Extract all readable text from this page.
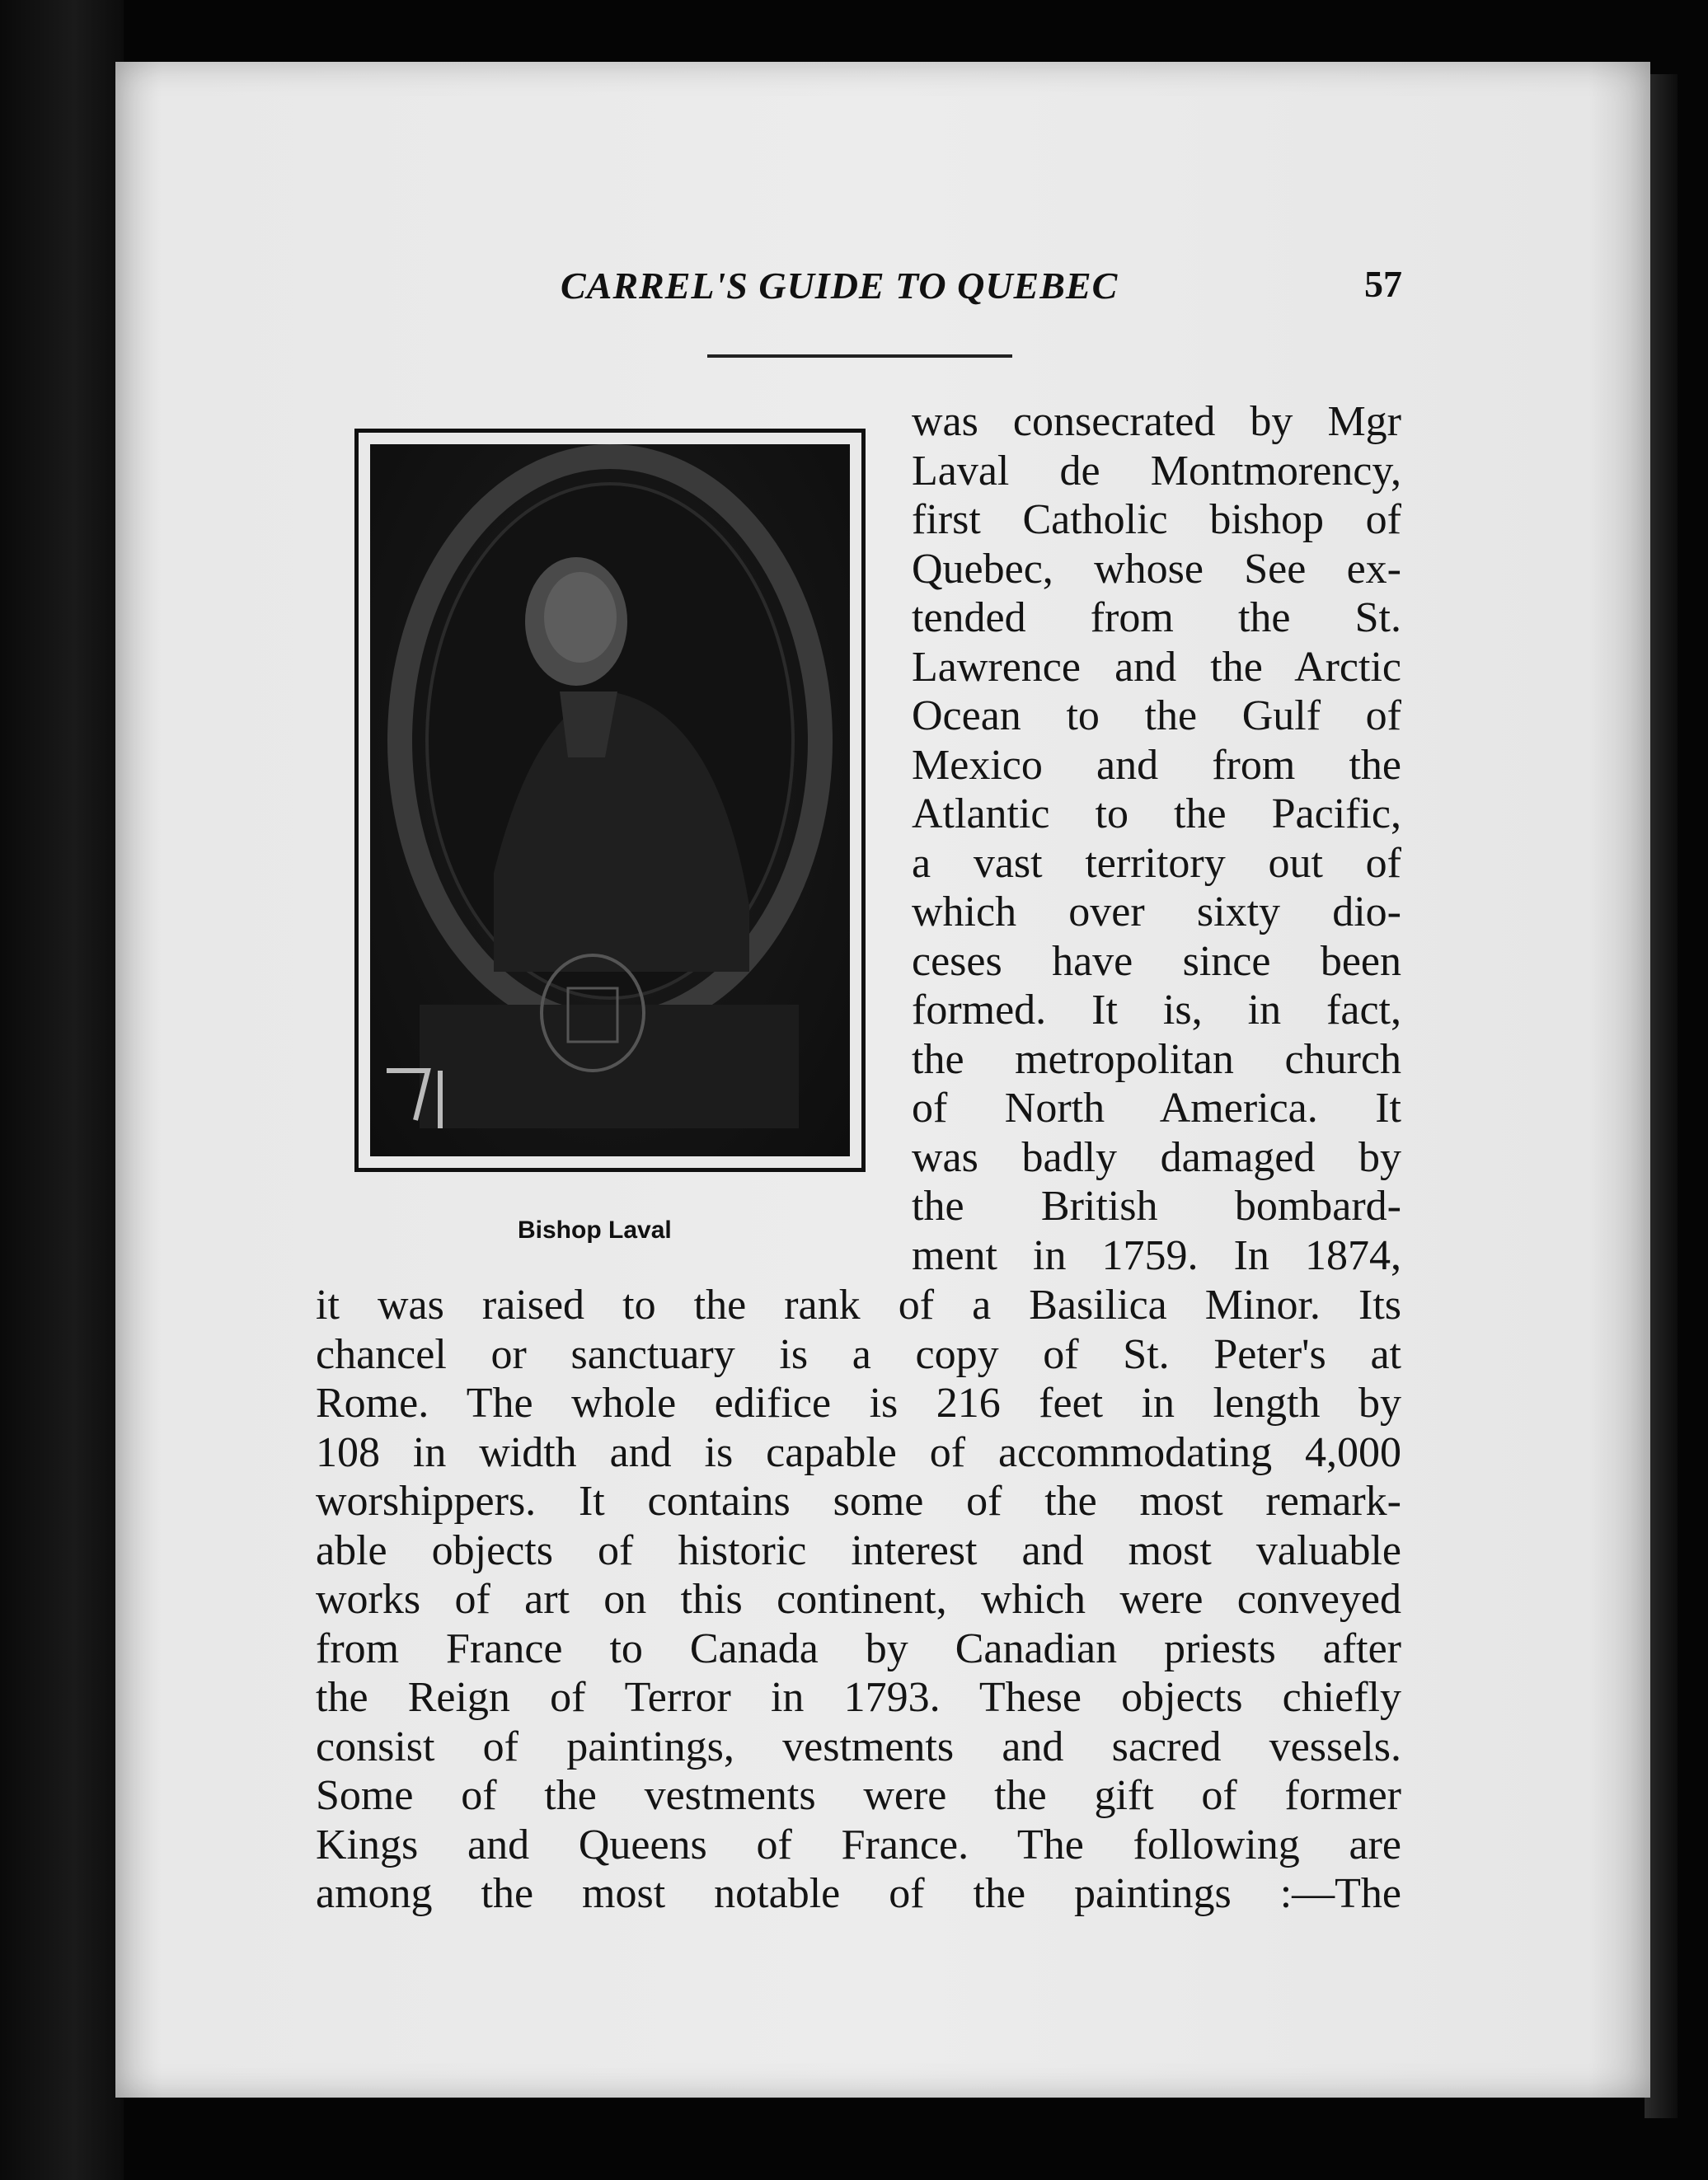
CARREL'S GUIDE TO QUEBEC	57
Bishop Laval
was consecrated by Mgr
Laval de Montmorency,
first Catholic bishop of
Quebec, whose See ex-
tended from the St.
Lawrence and the Arctic
Ocean to the Gulf of
Mexico and from the
Atlantic to the Pacific,
a vast territory out of
which over sixty dio-
ceses have since been
formed. It is, in fact,
the metropolitan church
of North America. It
was badly damaged by
the British bombard-
ment in 1759. In 1874,
it was raised to the rank of a Basilica Minor. Its
chancel or sanctuary is a copy of St. Peter's at
Rome. The whole edifice is 216 feet in length by
108 in width and is capable of accommodating 4,000
worshippers. It contains some of the most remark-
able objects of historic interest and most valuable
works of art on this continent, which were conveyed
from France to Canada by Canadian priests after
the Reign of Terror in 1793. These objects chiefly
consist of paintings, vestments and sacred vessels.
Some of the vestments were the gift of former
Kings and Queens of France. The following are
among the most notable of the paintings :—The
